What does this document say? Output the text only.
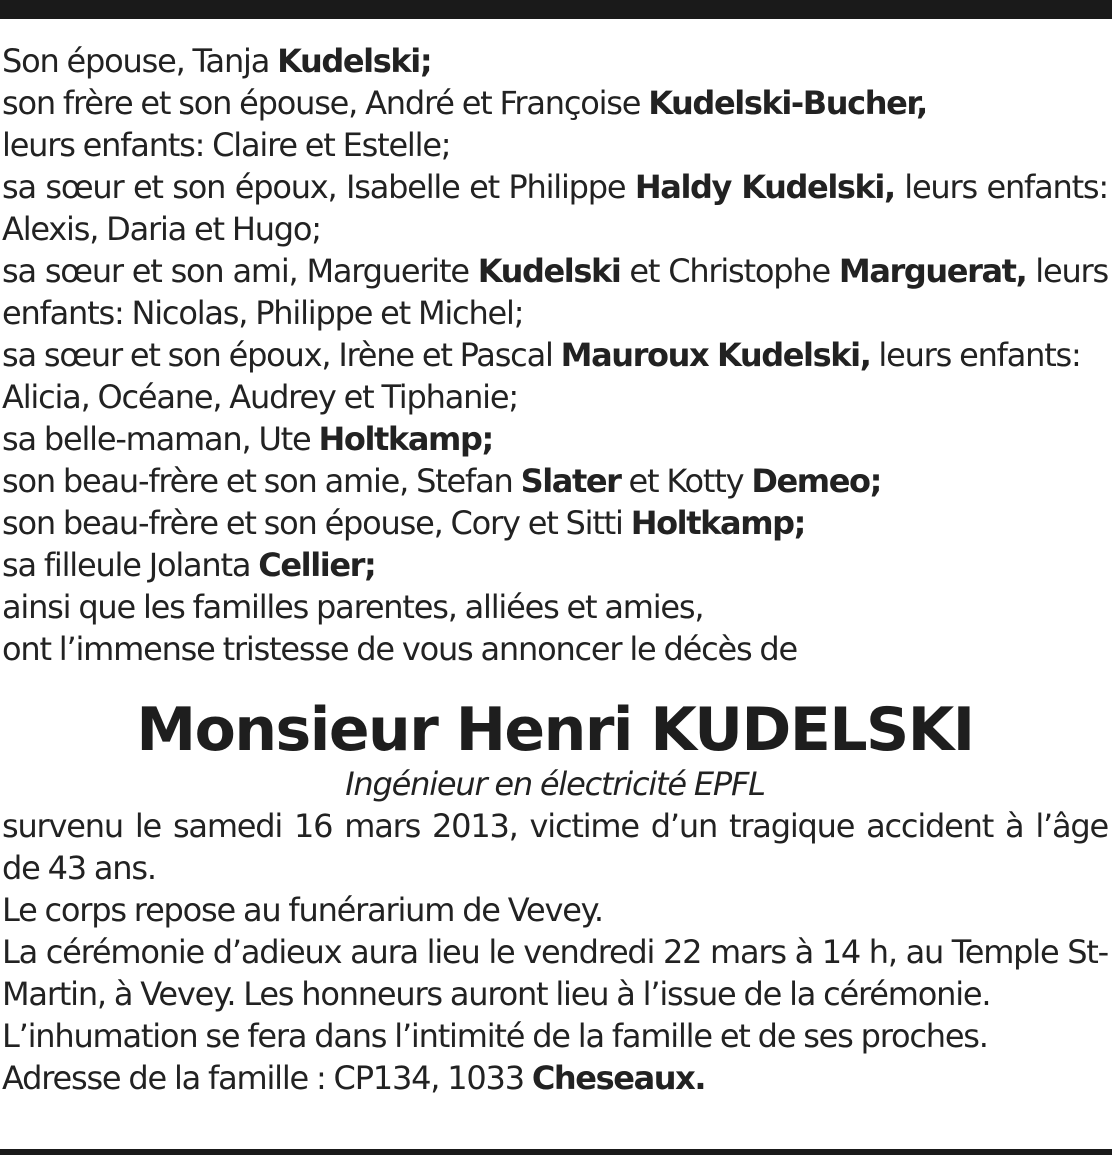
Son épouse, Tanja Kudelski;

son frère et son épouse, André et Françoise Kudelski-Bucher,

leurs enfants: Claire et Estelle;

sa sœur et son époux, Isabelle et Philippe Haldy Kudelski, leurs enfants: Alexis, Daria et Hugo;

sa sœur et son ami, Marguerite Kudelski et Christophe Marguerat, leurs enfants: Nicolas, Philippe et Michel;

sa sœur et son époux, Irène et Pascal Mauroux Kudelski, leurs enfants: Alicia, Océane, Audrey et Tiphanie;

sa belle-maman, Ute Holtkamp;

son beau-frère et son amie, Stefan Slater et Kotty Demeo;

son beau-frère et son épouse, Cory et Sitti Holtkamp;

sa filleule Jolanta Cellier;

ainsi que les familles parentes, alliées et amies,

ont l’immense tristesse de vous annoncer le décès de

Monsieur Henri KUDELSKI

Ingénieur en électricité EPFL

survenu le samedi 16 mars 2013, victime d’un tragique accident à l’âge de 43 ans.

Le corps repose au funérarium de Vevey.

La cérémonie d’adieux aura lieu le vendredi 22 mars à 14 h, au Temple St-Martin, à Vevey. Les honneurs auront lieu à l’issue de la cérémonie.

L’inhumation se fera dans l’intimité de la famille et de ses proches.

Adresse de la famille : CP134, 1033 Cheseaux.
